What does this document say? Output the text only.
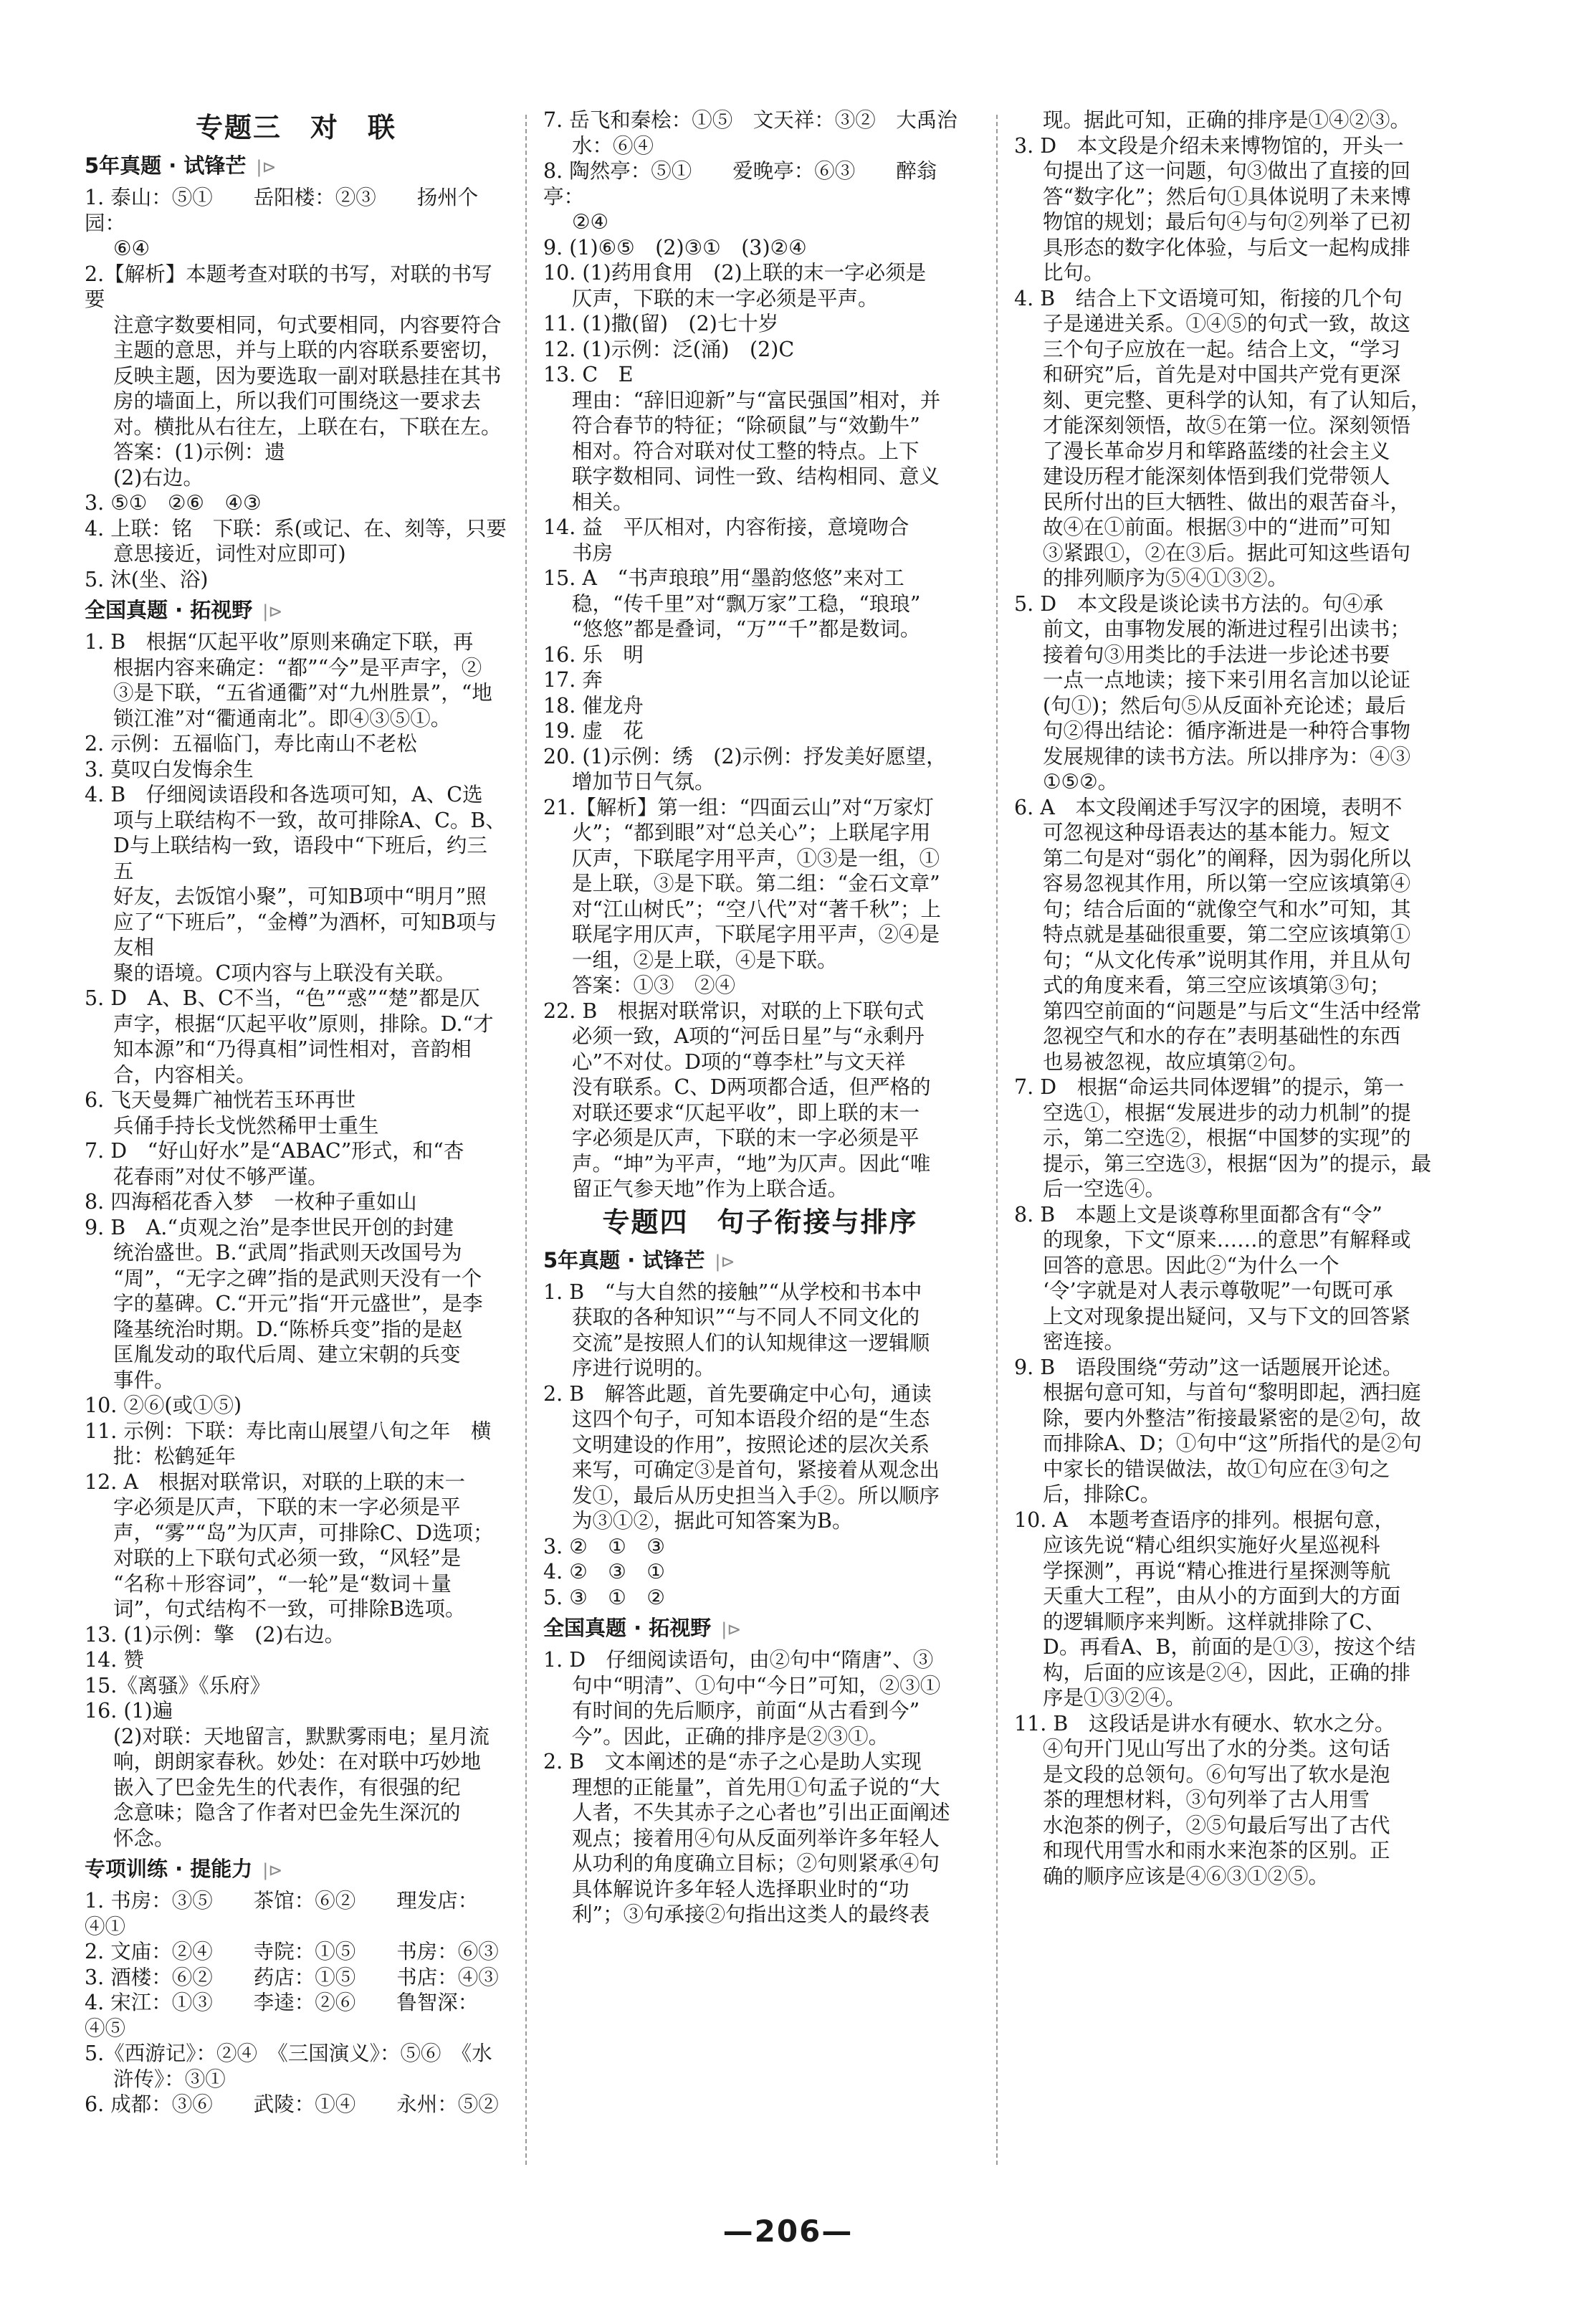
专题三　对　联
5年真题 · 试锋芒 |⊳
1. 泰山：⑤①　　岳阳楼：②③　　扬州个园：
⑥④
2.【解析】本题考查对联的书写，对联的书写要
注意字数要相同，句式要相同，内容要符合
主题的意思，并与上联的内容联系要密切，
反映主题，因为要选取一副对联悬挂在其书
房的墙面上，所以我们可围绕这一要求去
对。横批从右往左，上联在右，下联在左。
答案：(1)示例：遗
(2)右边。
3. ⑤①　②⑥　④③
4. 上联：铭　下联：系(或记、在、刻等，只要
意思接近，词性对应即可)
5. 沐(坐、浴)
全国真题 · 拓视野 |⊳
1. B　根据“仄起平收”原则来确定下联，再
根据内容来确定：“都”“今”是平声字，②
③是下联，“五省通衢”对“九州胜景”，“地
锁江淮”对“衢通南北”。即④③⑤①。
2. 示例：五福临门，寿比南山不老松
3. 莫叹白发悔余生
4. B　仔细阅读语段和各选项可知，A、C选
项与上联结构不一致，故可排除A、C。B、
D与上联结构一致，语段中“下班后，约三五
好友，去饭馆小聚”，可知B项中“明月”照
应了“下班后”，“金樽”为酒杯，可知B项与友相
聚的语境。C项内容与上联没有关联。
5. D　A、B、C不当，“色”“惑”“楚”都是仄
声字，根据“仄起平收”原则，排除。D.“才
知本源”和“乃得真相”词性相对，音韵相
合，内容相关。
6. 飞天曼舞广袖恍若玉环再世
兵俑手持长戈恍然稀甲士重生
7. D　“好山好水”是“ABAC”形式，和“杏
花春雨”对仗不够严谨。
8. 四海稻花香入梦　一枚种子重如山
9. B　A.“贞观之治”是李世民开创的封建
统治盛世。B.“武周”指武则天改国号为
“周”，“无字之碑”指的是武则天没有一个
字的墓碑。C.“开元”指“开元盛世”，是李
隆基统治时期。D.“陈桥兵变”指的是赵
匡胤发动的取代后周、建立宋朝的兵变
事件。
10. ②⑥(或①⑤)
11. 示例：下联：寿比南山展望八旬之年　横
批：松鹤延年
12. A　根据对联常识，对联的上联的末一
字必须是仄声，下联的末一字必须是平
声，“雾”“岛”为仄声，可排除C、D选项；
对联的上下联句式必须一致，“风轻”是
“名称＋形容词”，“一轮”是“数词＋量
词”，句式结构不一致，可排除B选项。
13. (1)示例：擎　(2)右边。
14. 赞
15.《离骚》《乐府》
16. (1)遍
(2)对联：天地留言，默默雾雨电；星月流
响，朗朗家春秋。妙处：在对联中巧妙地
嵌入了巴金先生的代表作，有很强的纪
念意味；隐含了作者对巴金先生深沉的
怀念。
专项训练 · 提能力 |⊳
1. 书房：③⑤　　茶馆：⑥②　　理发店：④①
2. 文庙：②④　　寺院：①⑤　　书房：⑥③
3. 酒楼：⑥②　　药店：①⑤　　书店：④③
4. 宋江：①③　　李逵：②⑥　　鲁智深：④⑤
5.《西游记》：②④　《三国演义》：⑤⑥　《水
浒传》：③①
6. 成都：③⑥　　武陵：①④　　永州：⑤②
7. 岳飞和秦桧：①⑤　文天祥：③②　大禹治
水：⑥④
8. 陶然亭：⑤①　　爱晚亭：⑥③　　醉翁亭：
②④
9. (1)⑥⑤　(2)③①　(3)②④
10. (1)药用食用　(2)上联的末一字必须是
仄声，下联的末一字必须是平声。
11. (1)撒(留)　(2)七十岁
12. (1)示例：泛(涌)　(2)C
13. C　E
理由：“辞旧迎新”与“富民强国”相对，并
符合春节的特征；“除硕鼠”与“效勤牛”
相对。符合对联对仗工整的特点。上下
联字数相同、词性一致、结构相同、意义
相关。
14. 益　平仄相对，内容衔接，意境吻合
书房
15. A　“书声琅琅”用“墨韵悠悠”来对工
稳，“传千里”对“飘万家”工稳，“琅琅”
“悠悠”都是叠词，“万”“千”都是数词。
16. 乐　明
17. 奔
18. 催龙舟
19. 虚　花
20. (1)示例：绣　(2)示例：抒发美好愿望，
增加节日气氛。
21.【解析】第一组：“四面云山”对“万家灯
火”；“都到眼”对“总关心”；上联尾字用
仄声，下联尾字用平声，①③是一组，①
是上联，③是下联。第二组：“金石文章”
对“江山树氏”；“空八代”对“著千秋”；上
联尾字用仄声，下联尾字用平声，②④是
一组，②是上联，④是下联。
答案：①③　②④
22. B　根据对联常识，对联的上下联句式
必须一致，A项的“河岳日星”与“永剩丹
心”不对仗。D项的“尊李杜”与文天祥
没有联系。C、D两项都合适，但严格的
对联还要求“仄起平收”，即上联的末一
字必须是仄声，下联的末一字必须是平
声。“坤”为平声，“地”为仄声。因此“唯
留正气参天地”作为上联合适。
专题四　句子衔接与排序
5年真题 · 试锋芒 |⊳
1. B　“与大自然的接触”“从学校和书本中
获取的各种知识”“与不同人不同文化的
交流”是按照人们的认知规律这一逻辑顺
序进行说明的。
2. B　解答此题，首先要确定中心句，通读
这四个句子，可知本语段介绍的是“生态
文明建设的作用”，按照论述的层次关系
来写，可确定③是首句，紧接着从观念出
发①，最后从历史担当入手②。所以顺序
为③①②，据此可知答案为B。
3. ②　①　③
4. ②　③　①
5. ③　①　②
全国真题 · 拓视野 |⊳
1. D　仔细阅读语句，由②句中“隋唐”、③
句中“明清”、①句中“今日”可知，②③①
有时间的先后顺序，前面“从古看到今”
今”。因此，正确的排序是②③①。
2. B　文本阐述的是“赤子之心是助人实现
理想的正能量”，首先用①句孟子说的“大
人者，不失其赤子之心者也”引出正面阐述
观点；接着用④句从反面列举许多年轻人
从功利的角度确立目标；②句则紧承④句
具体解说许多年轻人选择职业时的“功
利”；③句承接②句指出这类人的最终表
现。据此可知，正确的排序是①④②③。
3. D　本文段是介绍未来博物馆的，开头一
句提出了这一问题，句③做出了直接的回
答“数字化”；然后句①具体说明了未来博
物馆的规划；最后句④与句②列举了已初
具形态的数字化体验，与后文一起构成排
比句。
4. B　结合上下文语境可知，衔接的几个句
子是递进关系。①④⑤的句式一致，故这
三个句子应放在一起。结合上文，“学习
和研究”后，首先是对中国共产党有更深
刻、更完整、更科学的认知，有了认知后，
才能深刻领悟，故⑤在第一位。深刻领悟
了漫长革命岁月和筚路蓝缕的社会主义
建设历程才能深刻体悟到我们党带领人
民所付出的巨大牺牲、做出的艰苦奋斗，
故④在①前面。根据③中的“进而”可知
③紧跟①，②在③后。据此可知这些语句
的排列顺序为⑤④①③②。
5. D　本文段是谈论读书方法的。句④承
前文，由事物发展的渐进过程引出读书；
接着句③用类比的手法进一步论述书要
一点一点地读；接下来引用名言加以论证
(句①)；然后句⑤从反面补充论述；最后
句②得出结论：循序渐进是一种符合事物
发展规律的读书方法。所以排序为：④③
①⑤②。
6. A　本文段阐述手写汉字的困境，表明不
可忽视这种母语表达的基本能力。短文
第二句是对“弱化”的阐释，因为弱化所以
容易忽视其作用，所以第一空应该填第④
句；结合后面的“就像空气和水”可知，其
特点就是基础很重要，第二空应该填第①
句；“从文化传承”说明其作用，并且从句
式的角度来看，第三空应该填第③句；
第四空前面的“问题是”与后文“生活中经常
忽视空气和水的存在”表明基础性的东西
也易被忽视，故应填第②句。
7. D　根据“命运共同体逻辑”的提示，第一
空选①，根据“发展进步的动力机制”的提
示，第二空选②，根据“中国梦的实现”的
提示，第三空选③，根据“因为”的提示，最
后一空选④。
8. B　本题上文是谈尊称里面都含有“令”
的现象，下文“原来……的意思”有解释或
回答的意思。因此②“为什么一个
‘令’字就是对人表示尊敬呢”一句既可承
上文对现象提出疑问，又与下文的回答紧
密连接。
9. B　语段围绕“劳动”这一话题展开论述。
根据句意可知，与首句“黎明即起，洒扫庭
除，要内外整洁”衔接最紧密的是②句，故
而排除A、D；①句中“这”所指代的是②句
中家长的错误做法，故①句应在③句之
后，排除C。
10. A　本题考查语序的排列。根据句意，
应该先说“精心组织实施好火星巡视科
学探测”，再说“精心推进行星探测等航
天重大工程”，由从小的方面到大的方面
的逻辑顺序来判断。这样就排除了C、
D。再看A、B，前面的是①③，按这个结
构，后面的应该是②④，因此，正确的排
序是①③②④。
11. B　这段话是讲水有硬水、软水之分。
④句开门见山写出了水的分类。这句话
是文段的总领句。⑥句写出了软水是泡
茶的理想材料，③句列举了古人用雪
水泡茶的例子，②⑤句最后写出了古代
和现代用雪水和雨水来泡茶的区别。正
确的顺序应该是④⑥③①②⑤。
—206—
